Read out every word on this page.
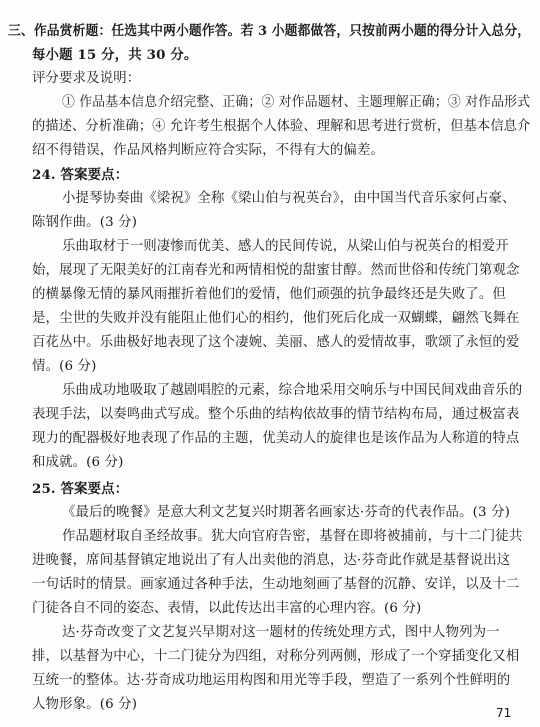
三、作品赏析题：任选其中两小题作答。若 3 小题都做答，只按前两小题的得分计入总分，
每小题 15 分，共 30 分。
评分要求及说明：
① 作品基本信息介绍完整、正确；② 对作品题材、主题理解正确；③ 对作品形式
的描述、分析准确；④ 允许考生根据个人体验、理解和思考进行赏析，但基本信息介
绍不得错误，作品风格判断应符合实际，不得有大的偏差。
24. 答案要点：
小提琴协奏曲《梁祝》全称《梁山伯与祝英台》，由中国当代音乐家何占豪、
陈钢作曲。(3 分)
乐曲取材于一则凄惨而优美、感人的民间传说，从梁山伯与祝英台的相爱开
始，展现了无限美好的江南春光和两情相悦的甜蜜甘醇。然而世俗和传统门第观念
的横暴像无情的暴风雨摧折着他们的爱情，他们顽强的抗争最终还是失败了。但
是，尘世的失败并没有能阻止他们心的相约，他们死后化成一双蝴蝶，翩然飞舞在
百花丛中。乐曲极好地表现了这个凄婉、美丽、感人的爱情故事，歌颂了永恒的爱
情。(6 分)
乐曲成功地吸取了越剧唱腔的元素，综合地采用交响乐与中国民间戏曲音乐的
表现手法，以奏鸣曲式写成。整个乐曲的结构依故事的情节结构布局，通过极富表
现力的配器极好地表现了作品的主题，优美动人的旋律也是该作品为人称道的特点
和成就。(6 分)
25. 答案要点：
《最后的晚餐》是意大利文艺复兴时期著名画家达·芬奇的代表作品。(3 分)
作品题材取自圣经故事。犹大向官府告密，基督在即将被捕前，与十二门徒共
进晚餐，席间基督镇定地说出了有人出卖他的消息，达·芬奇此作就是基督说出这
一句话时的情景。画家通过各种手法，生动地刻画了基督的沉静、安详，以及十二
门徒各自不同的姿态、表情，以此传达出丰富的心理内容。(6 分)
达·芬奇改变了文艺复兴早期对这一题材的传统处理方式，图中人物列为一
排，以基督为中心，十二门徒分为四组，对称分列两侧，形成了一个穿插变化又相
互统一的整体。达·芬奇成功地运用构图和用光等手段，塑造了一系列个性鲜明的
人物形象。(6 分)
71
